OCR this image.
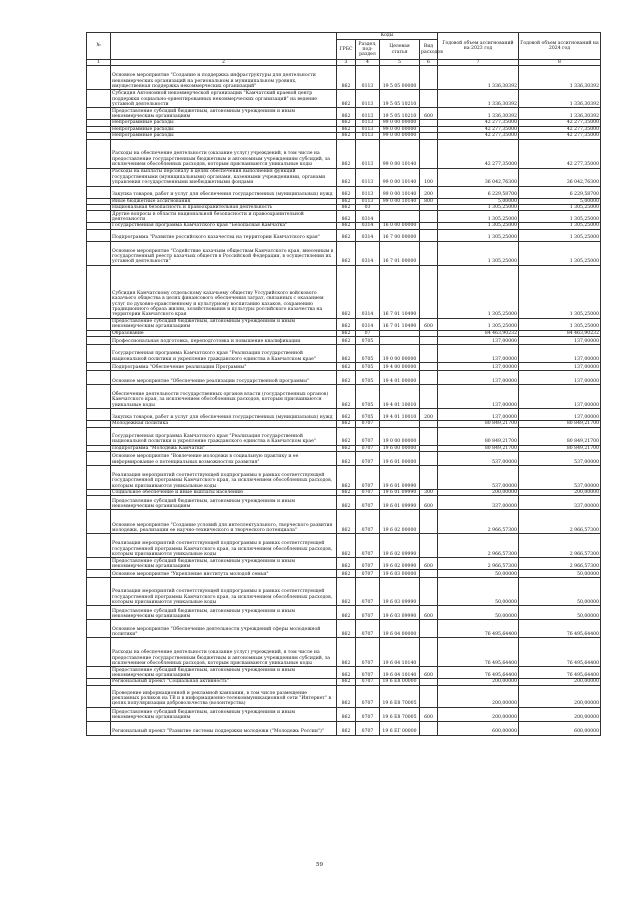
№		Коды				Годовой объем ассигнований на 2023 год	Годовой объем ассигнований на 2024 год
		ГРБС	Раздел, под-раздел	Целевая статья	Вид расходов		
1	2	3	4	5	6	7	8
	Основное мероприятие "Создание и поддержка инфраструктуры для деятельности некоммерческих организаций на региональном и муниципальном уровнях, имущественная поддержка некоммерческих организаций"	862	0113	19 5 05 00000		1 336,30392	1 336,30392
	Субсидия Автономной некоммерческой организации "Камчатский краевой центр поддержки социально-ориентированных некоммерческих организаций" на ведение уставной деятельности	862	0113	19 5 05 10210		1 336,30392	1 336,30392
	Предоставление субсидий бюджетным, автономным учреждениям и иным некоммерческим организациям	862	0113	19 5 05 10210	600	1 336,30392	1 336,30392
	Непрограммные расходы	862	0113	99 0 00 00000		42 277,35000	42 277,35000
	Непрограммные расходы	862	0113	99 0 00 00000		42 277,35000	42 277,35000
	Непрограммные расходы	862	0113	99 0 00 00000		42 277,35000	42 277,35000
	Расходы на обеспечение деятельности (оказание услуг) учреждений, в том числе на предоставление государственным бюджетным и автономным учреждениям субсидий, за исключением обособленных расходов, которым присваиваются уникальные коды	862	0113	99 0 00 10140		42 277,35000	42 277,35000
	Расходы на выплаты персоналу в целях обеспечения выполнения функций государственными (муниципальными) органами, казенными учреждениями, органами управления государственными внебюджетными фондами	862	0113	99 0 00 10140	100	36 042,76300	36 042,76300
	Закупка товаров, работ и услуг для обеспечения государственных (муниципальных) нужд	862	0113	99 0 00 10140	200	6 229,58700	6 229,58700
	Иные бюджетные ассигнования	862	0113	99 0 00 10140	800	5,00000	5,00000
	Национальная безопасность и правоохранительная деятельность	862	03			1 305,25000	1 305,25000
	Другие вопросы в области национальной безопасности и правоохранительной деятельности	862	0314			1 305,25000	1 305,25000
	Государственная программа Камчатского края "Безопасная Камчатка"	862	0314	16 0 00 00000		1 305,25000	1 305,25000
	Подпрограмма "Развитие российского казачества на территории Камчатского края"	862	0314	16 7 00 00000		1 305,25000	1 305,25000
	Основное мероприятие "Содействие казачьим обществам Камчатского края, внесенным в государственный реестр казачьих обществ в Российской Федерации, в осуществлении их уставной деятельности"	862	0314	16 7 01 00000		1 305,25000	1 305,25000
	Субсидия Камчатскому отдельскому казачьему обществу Уссурийского войскового казачьего общества в целях финансового обеспечения затрат, связанных с оказанием услуг по духовно-нравственному и культурному воспитанию казаков, сохранению традиционного образа жизни, хозяйствования и культуры российского казачества на территории Камчатского края	862	0314	16 7 01 10490		1 305,25000	1 305,25000
	Предоставление субсидий бюджетным, автономным учреждениям и иным некоммерческим организациям	862	0314	16 7 01 10490	600	1 305,25000	1 305,25000
	Образование	862	07			84 463,90232	84 463,90232
	Профессиональная подготовка, переподготовка и повышение квалификации	862	0705			137,00000	137,00000
	Государственная программа Камчатского края "Реализация государственной национальной политики и укрепление гражданского единства в Камчатском крае"	862	0705	19 0 00 00000		137,00000	137,00000
	Подпрограмма "Обеспечение реализации Программы"	862	0705	19 4 00 00000		137,00000	137,00000
	Основное мероприятие "Обеспечение реализации государственной программы"	862	0705	19 4 01 00000		137,00000	137,00000
	Обеспечение деятельности государственных органов власти (государственных органов) Камчатского края, за исключением обособленных расходов, которым присваиваются уникальные коды	862	0705	19 4 01 10010		137,00000	137,00000
	Закупка товаров, работ и услуг для обеспечения государственных (муниципальных) нужд	862	0705	19 4 01 10010	200	137,00000	137,00000
	Молодежная политика	862	0707			80 849,21700	80 849,21700
	Государственная программа Камчатского края "Реализация государственной национальной политики и укрепление гражданского единства в Камчатском крае"	862	0707	19 0 00 00000		80 849,21700	80 849,21700
	Подпрограмма "Молодежь Камчатки"	862	0707	19 6 00 00000		80 849,21700	80 849,21700
	Основное мероприятие "Вовлечение молодежи в социальную практику и ее информирование о потенциальных возможностях развития"	862	0707	19 6 01 00000		537,00000	537,00000
	Реализация мероприятий соответствующей подпрограммы в рамках соответствующей государственной программы Камчатского края, за исключением обособленных расходов, которым присваиваются уникальные коды	862	0707	19 6 01 09990		537,00000	537,00000
	Социальное обеспечение и иные выплаты населению	862	0707	19 6 01 09990	300	200,00000	200,00000
	Предоставление субсидий бюджетным, автономным учреждениям и иным некоммерческим организациям	862	0707	19 6 01 09990	600	337,00000	337,00000
	Основное мероприятие "Создание условий для интеллектуального, творческого развития молодежи, реализации ее научно-технического и творческого потенциала"	862	0707	19 6 02 00000		2 966,57300	2 966,57300
	Реализация мероприятий соответствующей подпрограммы в рамках соответствующей государственной программы Камчатского края, за исключением обособленных расходов, которым присваиваются уникальные коды	862	0707	19 6 02 09990		2 966,57300	2 966,57300
	Предоставление субсидий бюджетным, автономным учреждениям и иным некоммерческим организациям	862	0707	19 6 02 09990	600	2 966,57300	2 966,57300
	Основное мероприятие "Укрепление института молодой семьи"	862	0707	19 6 03 00000		50,00000	50,00000
	Реализация мероприятий соответствующей подпрограммы в рамках соответствующей государственной программы Камчатского края, за исключением обособленных расходов, которым присваиваются уникальные коды	862	0707	19 6 03 09990		50,00000	50,00000
	Предоставление субсидий бюджетным, автономным учреждениям и иным некоммерческим организациям	862	0707	19 6 03 09990	600	50,00000	50,00000
	Основное мероприятие "Обеспечение деятельности учреждений сферы молодежной политики"	862	0707	19 6 04 00000		76 495,64400	76 495,64400
	Расходы на обеспечение деятельности (оказание услуг) учреждений, в том числе на предоставление государственным бюджетным и автономным учреждениям субсидий, за исключением обособленных расходов, которым присваиваются уникальные коды	862	0707	19 6 04 10140		76 495,64400	76 495,64400
	Предоставление субсидий бюджетным, автономным учреждениям и иным некоммерческим организациям	862	0707	19 6 04 10140	600	76 495,64400	76 495,64400
	Региональный проект "Социальная активность"	862	0707	19 6 E8 00000		200,00000	200,00000
	Проведение информационной и рекламной кампании, в том числе размещение рекламных роликов на ТВ и в информационно-телекоммуникационной сети "Интернет" в целях популяризации добровольчества (волонтерства)	862	0707	19 6 E8 70005		200,00000	200,00000
	Предоставление субсидий бюджетным, автономным учреждениям и иным некоммерческим организациям	862	0707	19 6 E8 70005	600	200,00000	200,00000
	Региональный проект "Развитие системы поддержки молодежи ("Молодежь России")"	862	0707	19 6 EГ 00000		600,00000	600,00000
59
